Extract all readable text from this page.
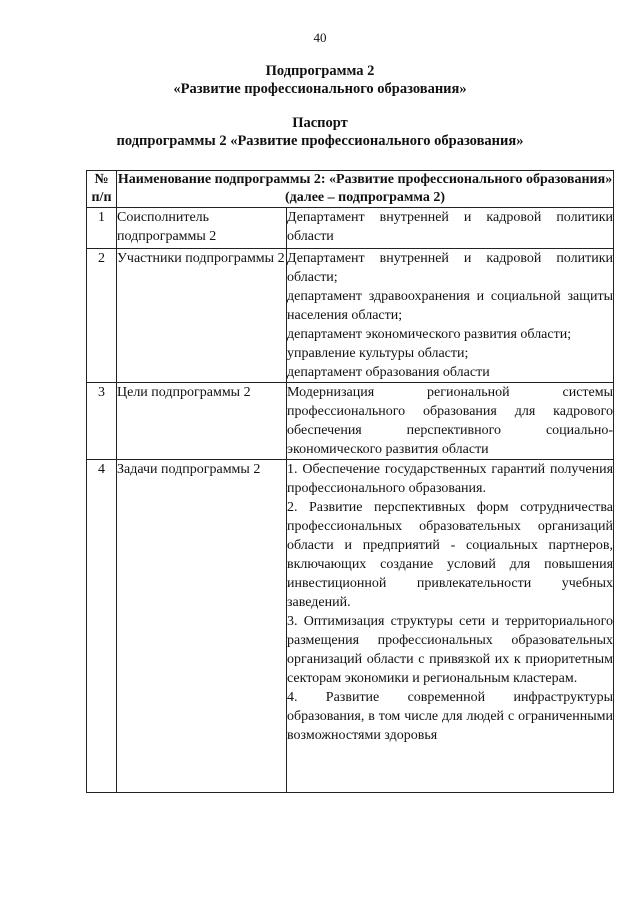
40
Подпрограмма 2
«Развитие профессионального образования»
Паспорт
подпрограммы 2 «Развитие профессионального образования»
№ п/п	Наименование подпрограммы 2: «Развитие профессионального образования» (далее – подпрограмма 2)	
1	Соисполнитель подпрограммы 2	Департамент внутренней и кадровой политики области

2	Участники подпрограммы 2	Департамент внутренней и кадровой политики области;

департамент здравоохранения и социальной защиты населения области;

департамент экономического развития области;

управление культуры области;

департамент образования области

3	Цели подпрограммы 2	Модернизация региональной системы профессионального образования для кадрового обеспечения перспективного социально-экономического развития области

4	Задачи подпрограммы 2	1. Обеспечение государственных гарантий получения профессионального образования.

2. Развитие перспективных форм сотрудничества профессиональных образовательных организаций области и предприятий - социальных партнеров, включающих создание условий для повышения инвестиционной привлекательности учебных заведений.

3. Оптимизация структуры сети и территориального размещения профессиональных образовательных организаций области с привязкой их к приоритетным секторам экономики и региональным кластерам.

4. Развитие современной инфраструктуры образования, в том числе для людей с ограниченными возможностями здоровья
